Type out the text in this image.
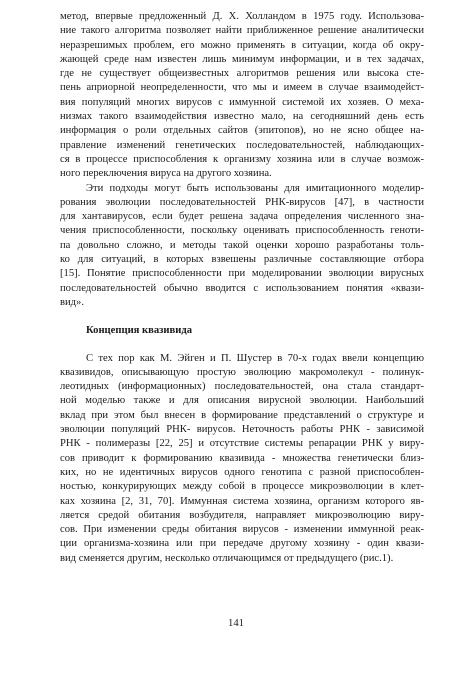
метод, впервые предложенный Д. Х. Холландом в 1975 году. Использова-
ние такого алгоритма позволяет найти приближенное решение аналитически
неразрешимых проблем, его можно применять в ситуации, когда об окру-
жающей среде нам известен лишь минимум информации, и в тех задачах,
где не существует общеизвестных алгоритмов решения или высока сте-
пень априорной неопределенности, что мы и имеем в случае взаимодейст-
вия популяций многих вирусов с иммунной системой их хозяев. О меха-
низмах такого взаимодействия известно мало, на сегодняшний день есть
информация о роли отдельных сайтов (эпитопов), но не ясно общее на-
правление изменений генетических последовательностей, наблюдающих-
ся в процессе приспособления к организму хозяина или в случае возмож-
ного переключения вируса на другого хозяина.
Эти подходы могут быть использованы для имитационного моделир-
рования эволюции последовательностей РНК-вирусов [47], в частности
для хантавирусов, если будет решена задача определения численного зна-
чения приспособленности, поскольку оценивать приспособленность геноти-
па довольно сложно, и методы такой оценки хорошо разработаны толь-
ко для ситуаций, в которых взвешены различные составляющие отбора
[15]. Понятие приспособленности при моделировании эволюции вирусных
последовательностей обычно вводится с использованием понятия «квази-
вид».
Концепция квазивида
С тех пор как М. Эйген и П. Шустер в 70-х годах ввели концепцию
квазивидов, описывающую простую эволюцию макромолекул - полинук-
леотидных (информационных) последовательностей, она стала стандарт-
ной моделью также и для описания вирусной эволюции. Наибольший
вклад при этом был внесен в формирование представлений о структуре и
эволюции популяций РНК- вирусов. Неточность работы РНК - зависимой
РНК - полимеразы [22, 25] и отсутствие системы репарации РНК у виру-
сов приводит к формированию квазивида - множества генетически близ-
ких, но не идентичных вирусов одного генотипа с разной приспособлен-
ностью, конкурирующих между собой в процессе микроэволюции в клет-
ках хозяина [2, 31, 70]. Иммунная система хозяина, организм которого яв-
ляется средой обитания возбудителя, направляет микроэволюцию виру-
сов. При изменении среды обитания вирусов - изменении иммунной реак-
ции организма-хозяина или при передаче другому хозяину - один квази-
вид сменяется другим, несколько отличающимся от предыдущего (рис.1).
141
